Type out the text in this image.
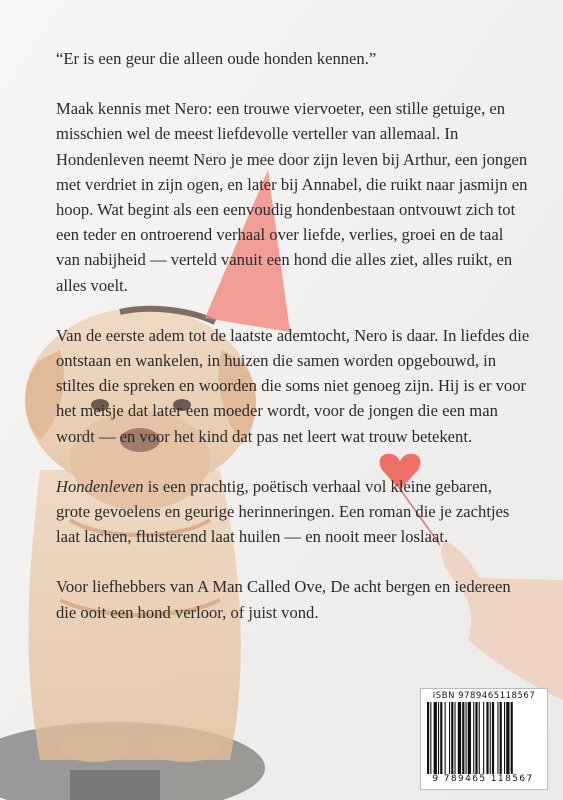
“Er is een geur die alleen oude honden kennen.”

Maak kennis met Nero: een trouwe viervoeter, een stille getuige, en misschien wel de meest liefdevolle verteller van allemaal. In Hondenleven neemt Nero je mee door zijn leven bij Arthur, een jongen met verdriet in zijn ogen, en later bij Annabel, die ruikt naar jasmijn en hoop. Wat begint als een eenvoudig hondenbestaan ontvouwt zich tot een teder en ontroerend verhaal over liefde, verlies, groei en de taal van nabijheid — verteld vanuit een hond die alles ziet, alles ruikt, en alles voelt.

Van de eerste adem tot de laatste ademtocht, Nero is daar. In liefdes die ontstaan en wankelen, in huizen die samen worden opgebouwd, in stiltes die spreken en woorden die soms niet genoeg zijn. Hij is er voor het meisje dat later een moeder wordt, voor de jongen die een man wordt — en voor het kind dat pas net leert wat trouw betekent.

Hondenleven is een prachtig, poëtisch verhaal vol kleine gebaren, grote gevoelens en geurige herinneringen. Een roman die je zachtjes laat lachen, fluisterend laat huilen — en nooit meer loslaat.

Voor liefhebbers van A Man Called Ove, De acht bergen en iedereen die ooit een hond verloor, of juist vond.

ISBN 9789465118567
9 789465 118567
